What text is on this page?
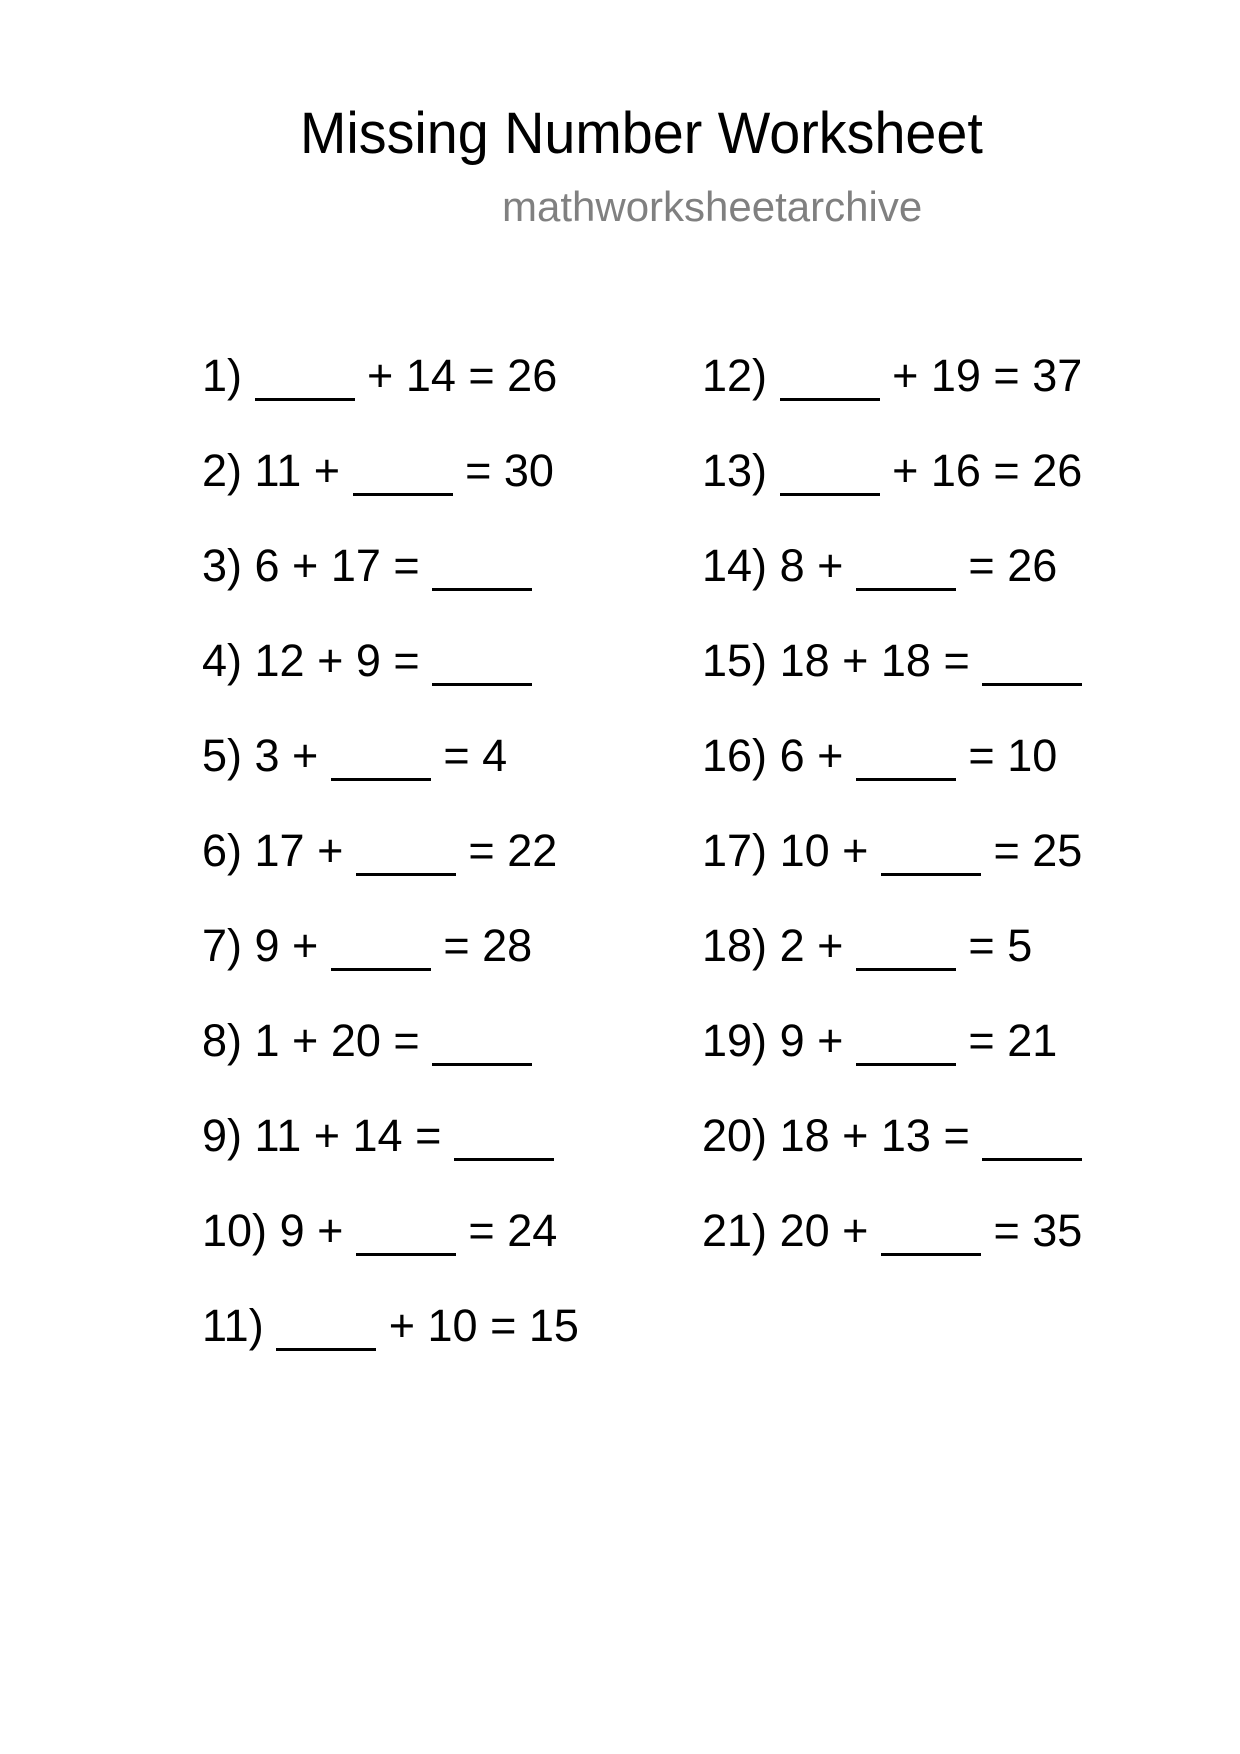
Missing Number Worksheet
mathworksheetarchive
1)	+ 14 = 26
2) 11 +	= 30
3) 6 + 17 =
4) 12 + 9 =
5) 3 +	= 4
6) 17 +	= 22
7) 9 +	= 28
8) 1 + 20 =
9) 11 + 14 =
10) 9 +	= 24
11)	+ 10 = 15
12)	+ 19 = 37
13)	+ 16 = 26
14) 8 +	= 26
15) 18 + 18 =
16) 6 +	= 10
17) 10 +	= 25
18) 2 +	= 5
19) 9 +	= 21
20) 18 + 13 =
21) 20 +	= 35
